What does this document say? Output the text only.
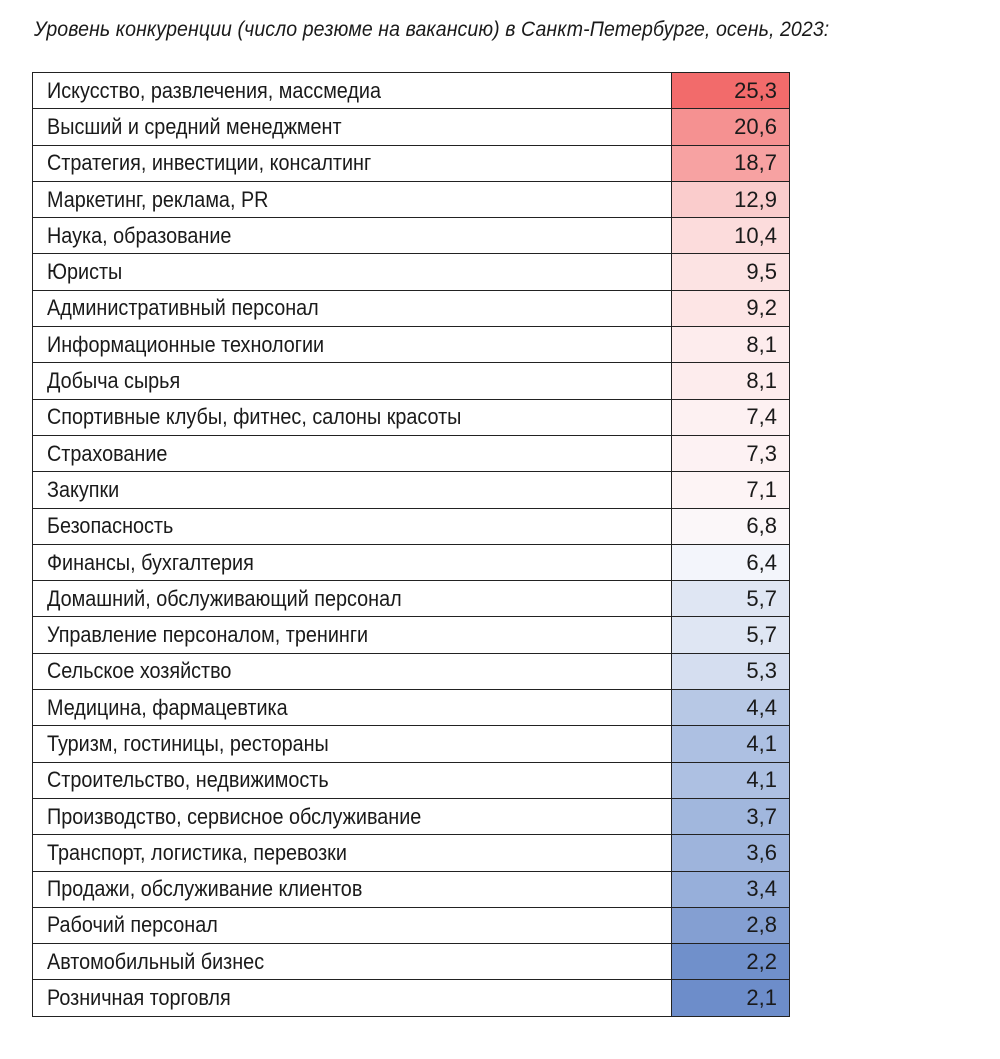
Уровень конкуренции (число резюме на вакансию) в Санкт-Петербурге, осень, 2023:
Искусство, развлечения, массмедиа	25,3
Высший и средний менеджмент	20,6
Стратегия, инвестиции, консалтинг	18,7
Маркетинг, реклама, PR	12,9
Наука, образование	10,4
Юристы	9,5
Административный персонал	9,2
Информационные технологии	8,1
Добыча сырья	8,1
Спортивные клубы, фитнес, салоны красоты	7,4
Страхование	7,3
Закупки	7,1
Безопасность	6,8
Финансы, бухгалтерия	6,4
Домашний, обслуживающий персонал	5,7
Управление персоналом, тренинги	5,7
Сельское хозяйство	5,3
Медицина, фармацевтика	4,4
Туризм, гостиницы, рестораны	4,1
Строительство, недвижимость	4,1
Производство, сервисное обслуживание	3,7
Транспорт, логистика, перевозки	3,6
Продажи, обслуживание клиентов	3,4
Рабочий персонал	2,8
Автомобильный бизнес	2,2
Розничная торговля	2,1
